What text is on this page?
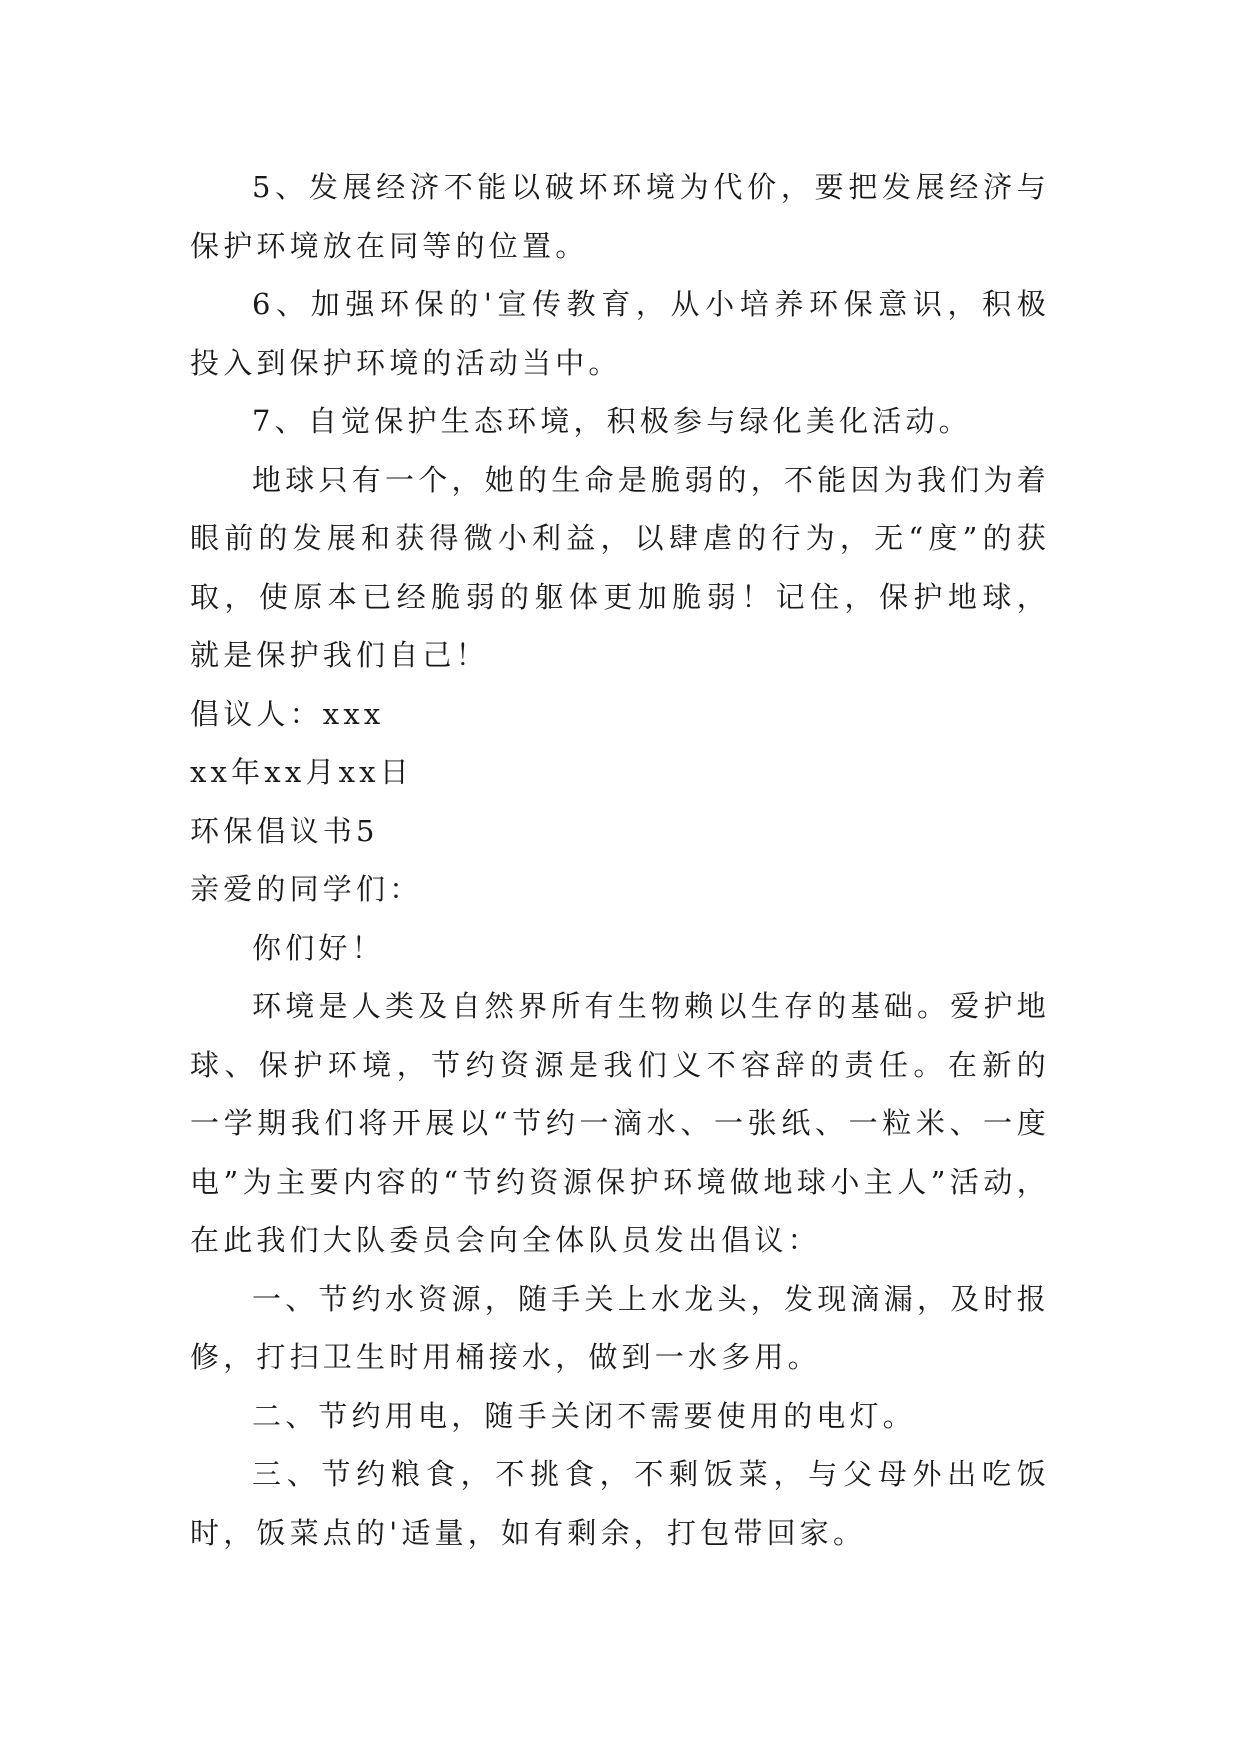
5、发展经济不能以破坏环境为代价，要把发展经济与保护环境放在同等的位置。

6、加强环保的'宣传教育，从小培养环保意识，积极投入到保护环境的活动当中。

7、自觉保护生态环境，积极参与绿化美化活动。

地球只有一个，她的生命是脆弱的，不能因为我们为着眼前的发展和获得微小利益，以肆虐的行为，无“度”的获取，使原本已经脆弱的躯体更加脆弱！记住，保护地球，就是保护我们自己！

倡议人：xxx

xx年xx月xx日

环保倡议书5

亲爱的同学们：

你们好！

环境是人类及自然界所有生物赖以生存的基础。爱护地球、保护环境，节约资源是我们义不容辞的责任。在新的一学期我们将开展以“节约一滴水、一张纸、一粒米、一度电”为主要内容的“节约资源保护环境做地球小主人”活动，在此我们大队委员会向全体队员发出倡议：

一、节约水资源，随手关上水龙头，发现滴漏，及时报修，打扫卫生时用桶接水，做到一水多用。

二、节约用电，随手关闭不需要使用的电灯。

三、节约粮食，不挑食，不剩饭菜，与父母外出吃饭时，饭菜点的'适量，如有剩余，打包带回家。
